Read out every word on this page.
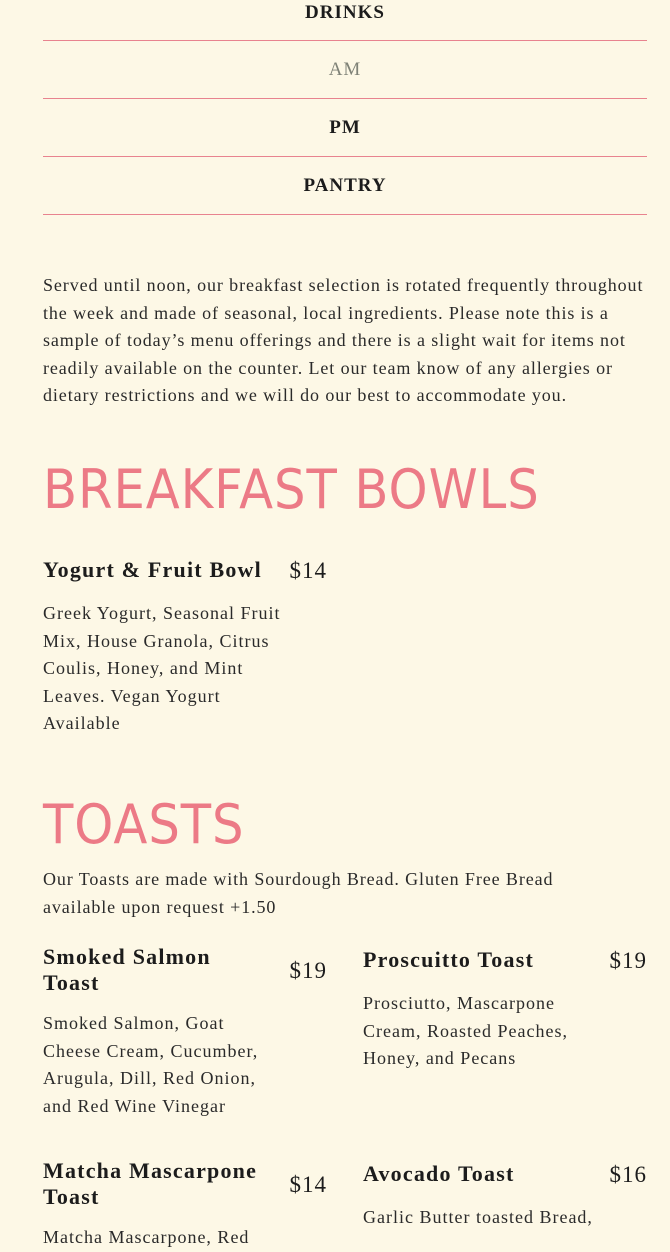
DRINKS
AM
PM
PANTRY

Served until noon, our breakfast selection is rotated frequently throughout the week and made of seasonal, local ingredients. Please note this is a sample of today’s menu offerings and there is a slight wait for items not readily available on the counter. Let our team know of any allergies or dietary restrictions and we will do our best to accommodate you.

BREAKFAST BOWLS
Yogurt & Fruit Bowl $14

Greek Yogurt, Seasonal Fruit Mix, House Granola, Citrus Coulis, Honey, and Mint Leaves. Vegan Yogurt Available

TOASTS

Our Toasts are made with Sourdough Bread. Gluten Free Bread available upon request +1.50

Smoked Salmon Toast	$19

Smoked Salmon, Goat Cheese Cream, Cucumber, Arugula, Dill, Red Onion, and Red Wine Vinegar

Proscuitto Toast	$19

Prosciutto, Mascarpone Cream, Roasted Peaches, Honey, and Pecans

Matcha Mascarpone Toast	$14

Matcha Mascarpone, Red

Avocado Toast	$16

Garlic Butter toasted Bread,
